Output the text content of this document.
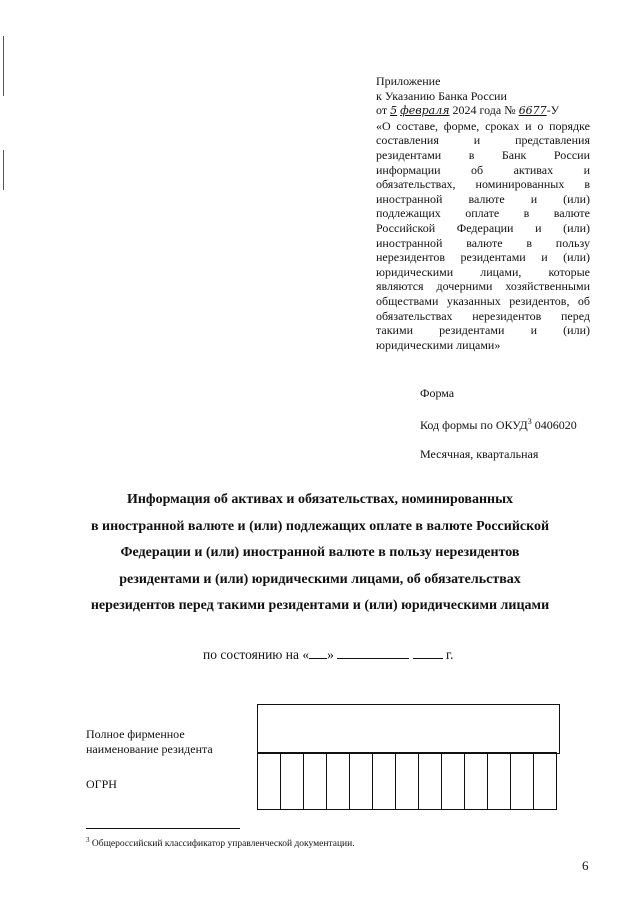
Приложение
к Указанию Банка России
от 5 февраля 2024 года № 6677-У
«О составе, форме, сроках и о порядке
составления и представления
резидентами в Банк России
информации об активах и
обязательствах, номинированных в
иностранной валюте и (или)
подлежащих оплате в валюте
Российской Федерации и (или)
иностранной валюте в пользу
нерезидентов резидентами и (или)
юридическими лицами, которые
являются дочерними хозяйственными
обществами указанных резидентов, об
обязательствах нерезидентов перед
такими резидентами и (или)
юридическими лицами»
Форма
Код формы по ОКУД$^3$ 0406020
Месячная, квартальная
Информация об активах и обязательствах, номинированных
в иностранной валюте и (или) подлежащих оплате в валюте Российской
Федерации и (или) иностранной валюте в пользу нерезидентов
резидентами и (или) юридическими лицами, об обязательствах
нерезидентов перед такими резидентами и (или) юридическими лицами
по состоянию на « »	г.
Полное фирменное
наименование резидента
ОГРН
$^3$ Общероссийский классификатор управленческой документации.
6
